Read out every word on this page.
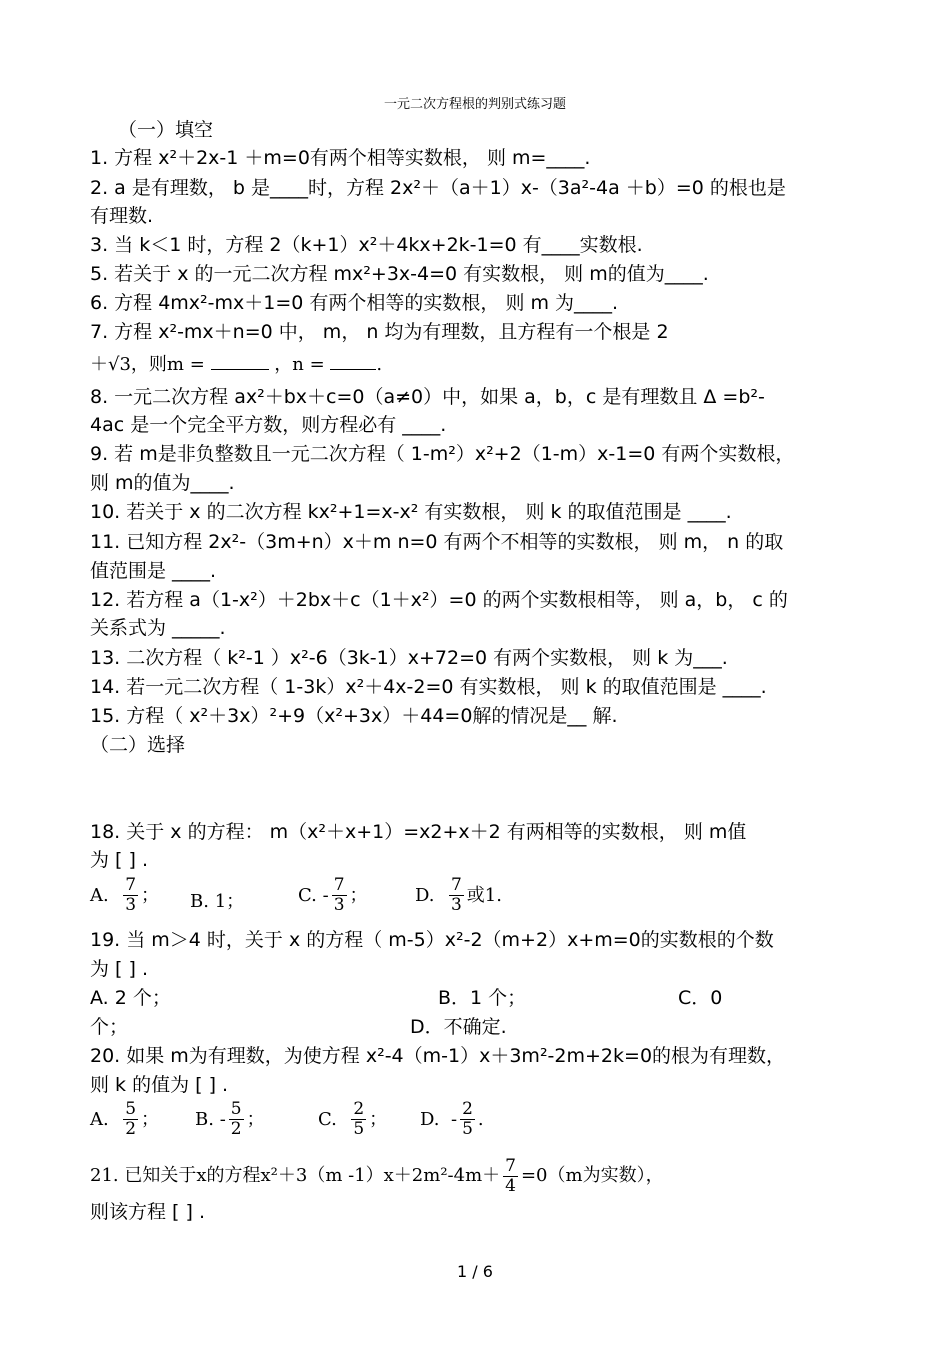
一元二次方程根的判别式练习题
（一）填空
1. 方程 x²＋2x-1 ＋m=0有两个相等实数根， 则 m=____.
2. a 是有理数， b 是____时，方程 2x²＋（a＋1）x-（3a²-4a ＋b）=0 的根也是
有理数.
3. 当 k＜1 时，方程 2（k+1）x²＋4kx+2k-1=0 有____实数根.
5. 若关于 x 的一元二次方程 mx²+3x-4=0 有实数根， 则 m的值为____.
6. 方程 4mx²-mx＋1=0 有两个相等的实数根， 则 m 为____.
7. 方程 x²-mx＋n=0 中， m， n 均为有理数，且方程有一个根是 2
＋√3，则m =	，n =	.
8. 一元二次方程 ax²＋bx＋c=0（a≠0）中，如果 a，b，c 是有理数且 Δ =b²-
4ac 是一个完全平方数，则方程必有 ____.
9. 若 m是非负整数且一元二次方程（ 1-m²）x²+2（1-m）x-1=0 有两个实数根，
则 m的值为____.
10. 若关于 x 的二次方程 kx²+1=x-x² 有实数根， 则 k 的取值范围是 ____.
11. 已知方程 2x²-（3m+n）x＋m n=0 有两个不相等的实数根， 则 m， n 的取
值范围是 ____.
12. 若方程 a（1-x²）＋2bx＋c（1＋x²）=0 的两个实数根相等， 则 a，b， c 的
关系式为 _____.
13. 二次方程（ k²-1 ）x²-6（3k-1）x+72=0 有两个实数根， 则 k 为___.
14. 若一元二次方程（ 1-3k）x²＋4x-2=0 有实数根， 则 k 的取值范围是 ____.
15. 方程（ x²＋3x）²+9（x²+3x）＋44=0解的情况是__ 解.
（二）选择
18. 关于 x 的方程： m（x²＋x+1）=x2+x＋2 有两相等的实数根， 则 m值
为 [ ] .
A.
$\frac{7}{3}$ ； B.
1；	C.
- $\frac{7}{3}$ ；	D.
$\frac{7}{3}$ 或1.
19. 当 m＞4 时，关于 x 的方程（ m-5）x²-2（m+2）x+m=0的实数根的个数
为 [ ] .
A. 2 个；	B．1 个；	C．0
个；	D．不确定.
20. 如果 m为有理数，为使方程 x²-4（m-1）x＋3m²-2m+2k=0的根为有理数，
则 k 的值为 [ ] .
A.
$\frac{5}{2}$ ； B.
- $\frac{5}{2}$ ；	C.
$\frac{2}{5}$ ； D.
- $\frac{2}{5}$ .
21. 已知关于x的方程x²＋3（m $-1)x+2m^2-4m+ \frac{7}{4} =0(m$为实数），
则该方程 [ ] .
1 / 6
